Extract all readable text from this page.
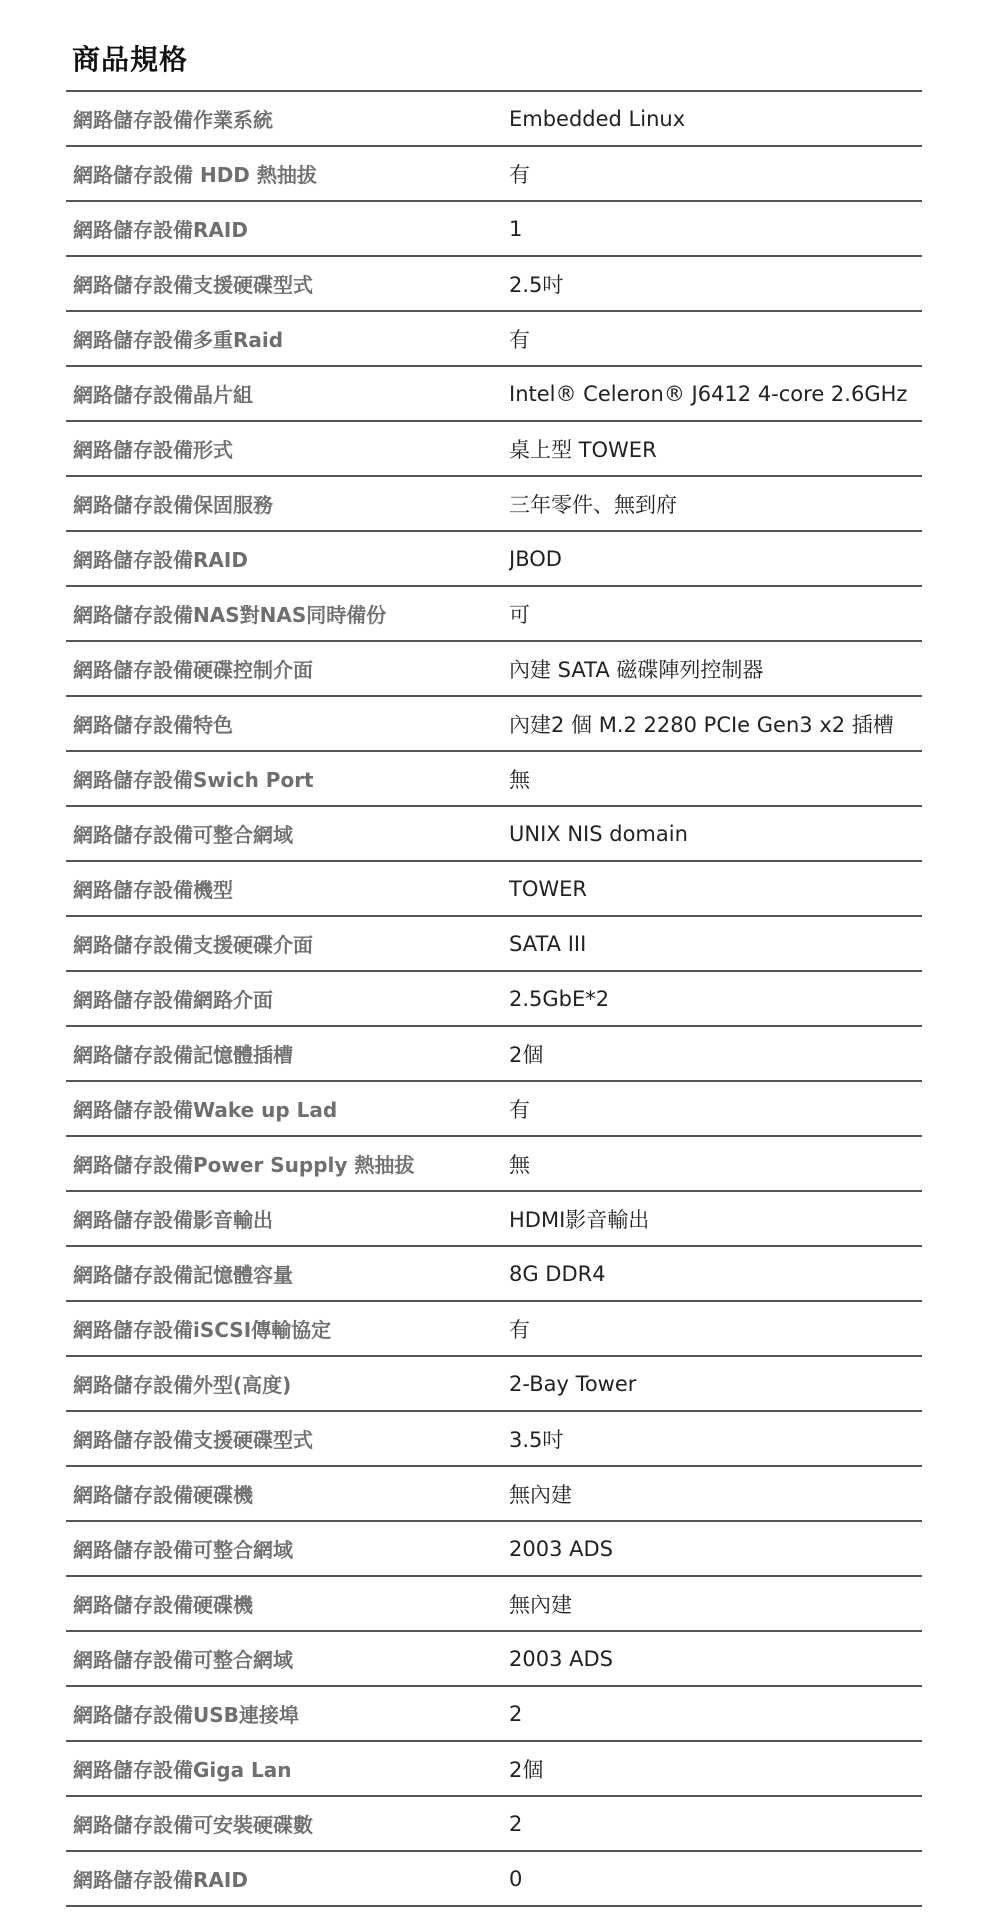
商品規格
網路儲存設備作業系統	Embedded Linux
網路儲存設備 HDD 熱抽拔	有
網路儲存設備RAID	1
網路儲存設備支援硬碟型式	2.5吋
網路儲存設備多重Raid	有
網路儲存設備晶片組	Intel® Celeron® J6412 4-core 2.6GHz
網路儲存設備形式	桌上型 TOWER
網路儲存設備保固服務	三年零件、無到府
網路儲存設備RAID	JBOD
網路儲存設備NAS對NAS同時備份	可
網路儲存設備硬碟控制介面	內建 SATA 磁碟陣列控制器
網路儲存設備特色	內建2 個 M.2 2280 PCIe Gen3 x2 插槽
網路儲存設備Swich Port	無
網路儲存設備可整合網域	UNIX NIS domain
網路儲存設備機型	TOWER
網路儲存設備支援硬碟介面	SATA III
網路儲存設備網路介面	2.5GbE*2
網路儲存設備記憶體插槽	2個
網路儲存設備Wake up Lad	有
網路儲存設備Power Supply 熱抽拔	無
網路儲存設備影音輸出	HDMI影音輸出
網路儲存設備記憶體容量	8G DDR4
網路儲存設備iSCSI傳輸協定	有
網路儲存設備外型(高度)	2-Bay Tower
網路儲存設備支援硬碟型式	3.5吋
網路儲存設備硬碟機	無內建
網路儲存設備可整合網域	2003 ADS
網路儲存設備硬碟機	無內建
網路儲存設備可整合網域	2003 ADS
網路儲存設備USB連接埠	2
網路儲存設備Giga Lan	2個
網路儲存設備可安裝硬碟數	2
網路儲存設備RAID	0
